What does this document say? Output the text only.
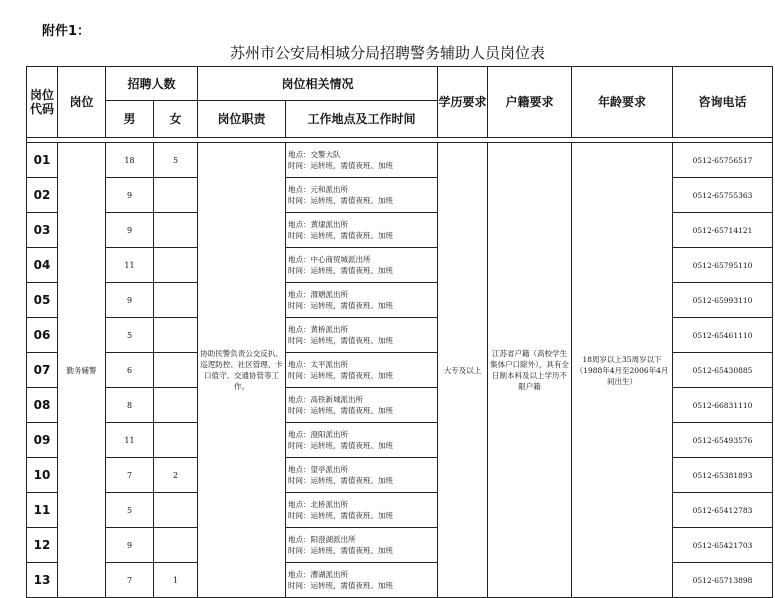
附件1：
苏州市公安局相城分局招聘警务辅助人员岗位表
岗位代码	岗位	招聘人数		岗位相关情况		学历要求	户籍要求	年龄要求	咨询电话
		男	女	岗位职责	工作地点及工作时间				

01	勤务辅警	18	5	协助民警负责公交反扒、巡逻防控、社区管理、卡口值守、交通协管等工作。	地点：交警大队
时间：运转班，需值夜班、加班	大专及以上	江苏省户籍（高校学生集体户口除外），具有全日制本科及以上学历不限户籍	18周岁以上35周岁以下（1988年4月至2006年4月间出生）	0512-65756517
02		9			地点：元和派出所
时间：运转班，需值夜班、加班				0512-65755363
03		9			地点：黄埭派出所
时间：运转班，需值夜班、加班				0512-65714121
04		11			地点：中心商贸城派出所
时间：运转班，需值夜班、加班				0512-65795110
05		9			地点：渭塘派出所
时间：运转班，需值夜班、加班				0512-65993110
06		5			地点：黄桥派出所
时间：运转班，需值夜班、加班				0512-65461110
07		6			地点：太平派出所
时间：运转班，需值夜班、加班				0512-65430885
08		8			地点：高铁新城派出所
时间：运转班，需值夜班、加班				0512-66831110
09		11			地点：澄阳派出所
时间：运转班，需值夜班、加班				0512-65493576
10		7	2		地点：望亭派出所
时间：运转班，需值夜班、加班				0512-65381893
11		5			地点：北桥派出所
时间：运转班，需值夜班、加班				0512-65412783
12		9			地点：阳澄湖派出所
时间：运转班，需值夜班、加班				0512-65421703
13		7	1		地点：漕湖派出所
时间：运转班，需值夜班、加班				0512-65713898
